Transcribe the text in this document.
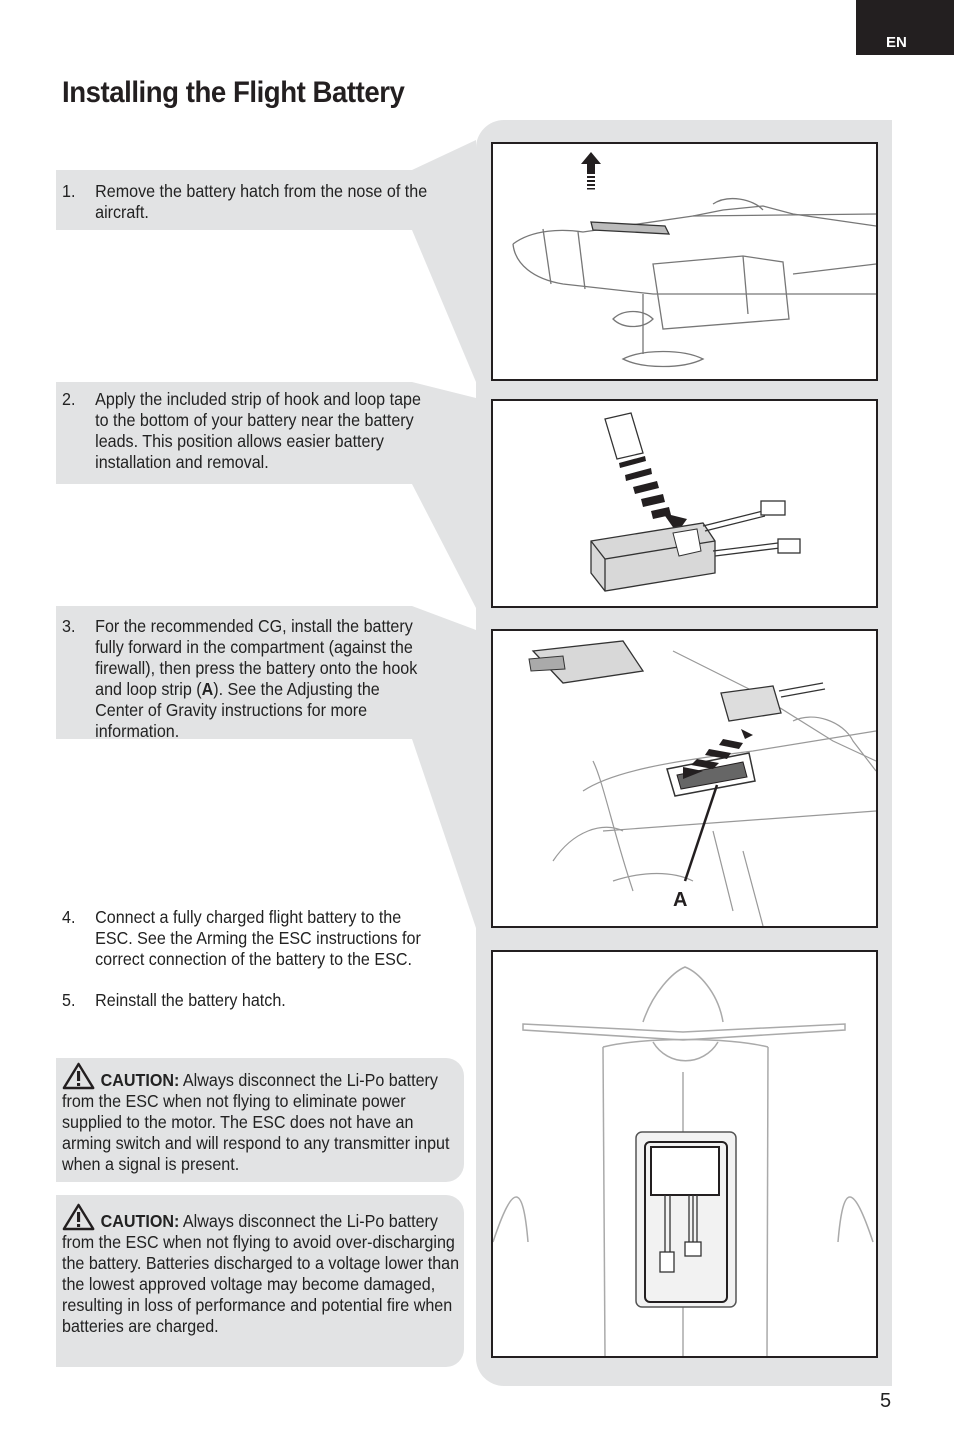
EN
Installing the Flight Battery
1.	Remove the battery hatch from the nose of the aircraft.
2.	Apply the included strip of hook and loop tape to the bottom of your battery near the battery leads. This position allows easier battery installation and removal.
3.	For the recommended CG, install the battery fully forward in the compartment (against the firewall), then press the battery onto the hook and loop strip (A). See the Adjusting the Center of Gravity instructions for more information.
4.	Connect a fully charged flight battery to the ESC. See the Arming the ESC instructions for correct connection of the battery to the ESC.
5.	Reinstall the battery hatch.
CAUTION: Always disconnect the Li-Po battery from the ESC when not flying to eliminate power supplied to the motor. The ESC does not have an arming switch and will respond to any transmitter input when a signal is present.
CAUTION: Always disconnect the Li-Po battery from the ESC when not flying to avoid over-discharging the battery. Batteries discharged to a voltage lower than the lowest approved voltage may become damaged, resulting in loss of performance and potential fire when batteries are charged.
A
5
